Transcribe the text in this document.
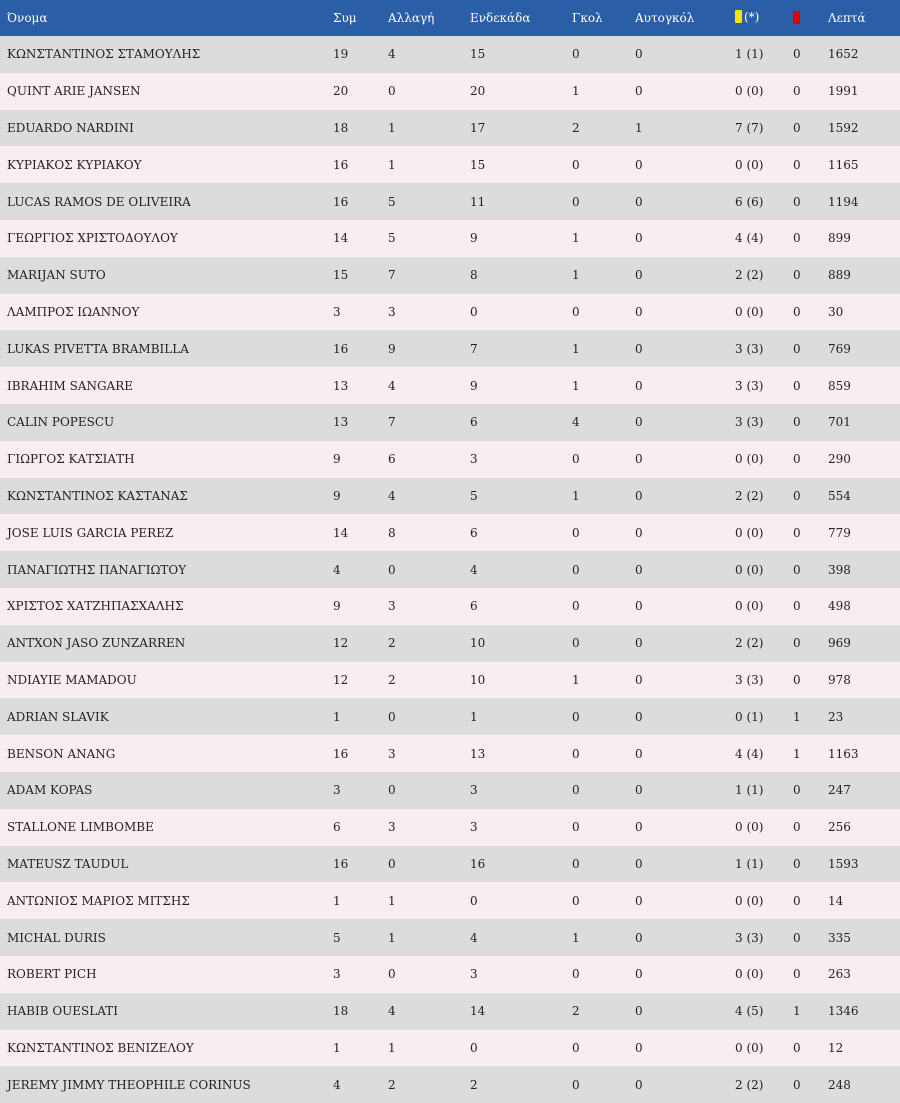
Όνομα	Συμ	Αλλαγή	Ενδεκάδα	Γκολ	Αυτογκόλ	(*)		Λεπτά
ΚΩΝΣΤΑΝΤΙΝΟΣ ΣΤΑΜΟΥΛΗΣ	19	4	15	0	0	1 (1)	0	1652
QUINT ARIE JANSEN	20	0	20	1	0	0 (0)	0	1991
EDUARDO NARDINI	18	1	17	2	1	7 (7)	0	1592
ΚΥΡΙΑΚΟΣ ΚΥΡΙΑΚΟΥ	16	1	15	0	0	0 (0)	0	1165
LUCAS RAMOS DE OLIVEIRA	16	5	11	0	0	6 (6)	0	1194
ΓΕΩΡΓΙΟΣ ΧΡΙΣΤΟΔΟΥΛΟΥ	14	5	9	1	0	4 (4)	0	899
MARIJAN SUTO	15	7	8	1	0	2 (2)	0	889
ΛΑΜΠΡΟΣ ΙΩΑΝΝΟΥ	3	3	0	0	0	0 (0)	0	30
LUKAS PIVETTA BRAMBILLA	16	9	7	1	0	3 (3)	0	769
IBRAHIM SANGARE	13	4	9	1	0	3 (3)	0	859
CALIN POPESCU	13	7	6	4	0	3 (3)	0	701
ΓΙΩΡΓΟΣ ΚΑΤΣΙΑΤΗ	9	6	3	0	0	0 (0)	0	290
ΚΩΝΣΤΑΝΤΙΝΟΣ ΚΑΣΤΑΝΑΣ	9	4	5	1	0	2 (2)	0	554
JOSE LUIS GARCIA PEREZ	14	8	6	0	0	0 (0)	0	779
ΠΑΝΑΓΙΩΤΗΣ ΠΑΝΑΓΙΩΤΟΥ	4	0	4	0	0	0 (0)	0	398
ΧΡΙΣΤΟΣ ΧΑΤΖΗΠΑΣΧΑΛΗΣ	9	3	6	0	0	0 (0)	0	498
ANTXON JASO ZUNZARREN	12	2	10	0	0	2 (2)	0	969
NDIAYIE MAMADOU	12	2	10	1	0	3 (3)	0	978
ADRIAN SLAVIK	1	0	1	0	0	0 (1)	1	23
BENSON ANANG	16	3	13	0	0	4 (4)	1	1163
ADAM KOPAS	3	0	3	0	0	1 (1)	0	247
STALLONE LIMBOMBE	6	3	3	0	0	0 (0)	0	256
MATEUSZ TAUDUL	16	0	16	0	0	1 (1)	0	1593
ΑΝΤΩΝΙΟΣ ΜΑΡΙΟΣ ΜΙΤΣΗΣ	1	1	0	0	0	0 (0)	0	14
MICHAL DURIS	5	1	4	1	0	3 (3)	0	335
ROBERT PICH	3	0	3	0	0	0 (0)	0	263
HABIB OUESLATI	18	4	14	2	0	4 (5)	1	1346
ΚΩΝΣΤΑΝΤΙΝΟΣ ΒΕΝΙΖΕΛΟΥ	1	1	0	0	0	0 (0)	0	12
JEREMY JIMMY THEOPHILE CORINUS	4	2	2	0	0	2 (2)	0	248
